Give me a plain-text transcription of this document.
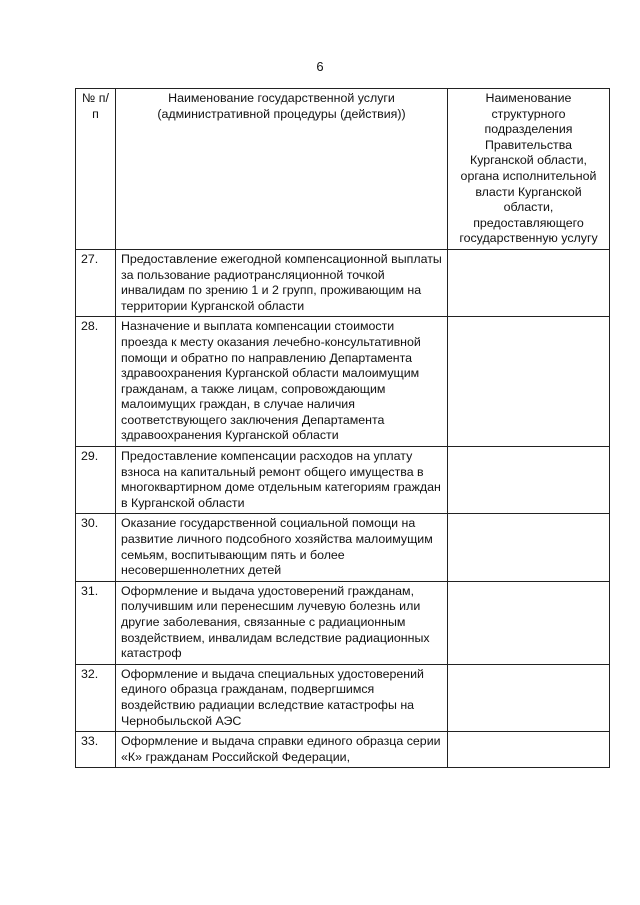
6
№ п/п	Наименование государственной услуги (административной процедуры (действия))	Наименование структурного подразделения Правительства Курганской области, органа исполнительной власти Курганской области, предоставляющего государственную услугу
27.	Предоставление ежегодной компенсационной выплаты за пользование радиотрансляционной точкой инвалидам по зрению 1 и 2 групп, проживающим на территории Курганской области	
28.	Назначение и выплата компенсации стоимости проезда к месту оказания лечебно-консультативной помощи и обратно по направлению Департамента здравоохранения Курганской области малоимущим гражданам, а также лицам, сопровождающим малоимущих граждан, в случае наличия соответствующего заключения Департамента здравоохранения Курганской области	
29.	Предоставление компенсации расходов на уплату взноса на капитальный ремонт общего имущества в многоквартирном доме отдельным категориям граждан в Курганской области	
30.	Оказание государственной социальной помощи на развитие личного подсобного хозяйства малоимущим семьям, воспитывающим пять и более несовершеннолетних детей	
31.	Оформление и выдача удостоверений гражданам, получившим или перенесшим лучевую болезнь или другие заболевания, связанные с радиационным воздействием, инвалидам вследствие радиационных катастроф	
32.	Оформление и выдача специальных удостоверений единого образца гражданам, подвергшимся воздействию радиации вследствие катастрофы на Чернобыльской АЭС	
33.	Оформление и выдача справки единого образца серии «К» гражданам Российской Федерации,	
